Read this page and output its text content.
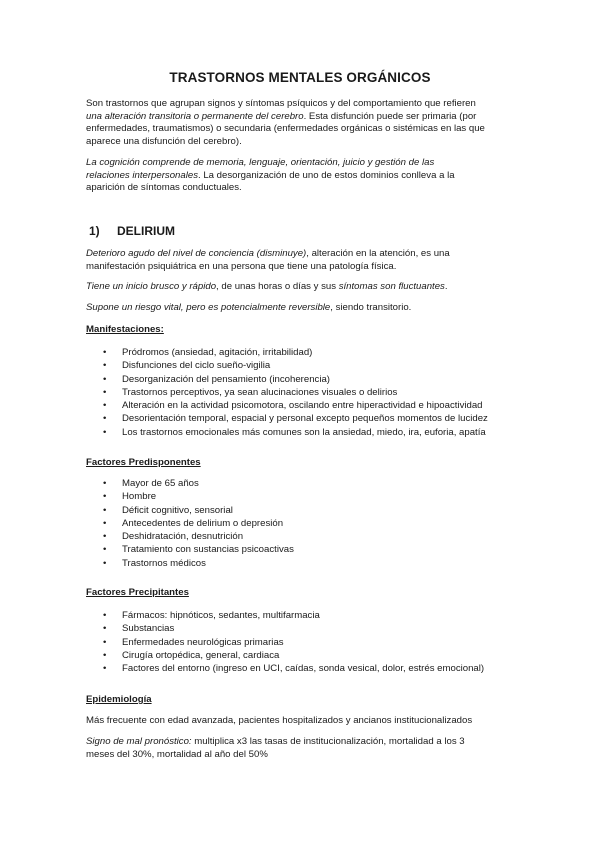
TRASTORNOS MENTALES ORGÁNICOS
Son trastornos que agrupan signos y síntomas psíquicos y del comportamiento que refieren
una alteración transitoria o permanente del cerebro. Esta disfunción puede ser primaria (por
enfermedades, traumatismos) o secundaria (enfermedades orgánicas o sistémicas en las que
aparece una disfunción del cerebro).
La cognición comprende de memoria, lenguaje, orientación, juicio y gestión de las
relaciones interpersonales. La desorganización de uno de estos dominios conlleva a la
aparición de síntomas conductuales.
1) DELIRIUM
Deterioro agudo del nivel de conciencia (disminuye), alteración en la atención, es una
manifestación psiquiátrica en una persona que tiene una patología física.
Tiene un inicio brusco y rápido, de unas horas o días y sus síntomas son fluctuantes.
Supone un riesgo vital, pero es potencialmente reversible, siendo transitorio.
Manifestaciones:
• Pródromos (ansiedad, agitación, irritabilidad)
• Disfunciones del ciclo sueño-vigilia
• Desorganización del pensamiento (incoherencia)
• Trastornos perceptivos, ya sean alucinaciones visuales o delirios
• Alteración en la actividad psicomotora, oscilando entre hiperactividad e hipoactividad
• Desorientación temporal, espacial y personal excepto pequeños momentos de lucidez
• Los trastornos emocionales más comunes son la ansiedad, miedo, ira, euforia, apatía
Factores Predisponentes
• Mayor de 65 años
• Hombre
• Déficit cognitivo, sensorial
• Antecedentes de delirium o depresión
• Deshidratación, desnutrición
• Tratamiento con sustancias psicoactivas
• Trastornos médicos
Factores Precipitantes
• Fármacos: hipnóticos, sedantes, multifarmacia
• Substancias
• Enfermedades neurológicas primarias
• Cirugía ortopédica, general, cardiaca
• Factores del entorno (ingreso en UCI, caídas, sonda vesical, dolor, estrés emocional)
Epidemiología
Más frecuente con edad avanzada, pacientes hospitalizados y ancianos institucionalizados
Signo de mal pronóstico: multiplica x3 las tasas de institucionalización, mortalidad a los 3
meses del 30%, mortalidad al año del 50%
